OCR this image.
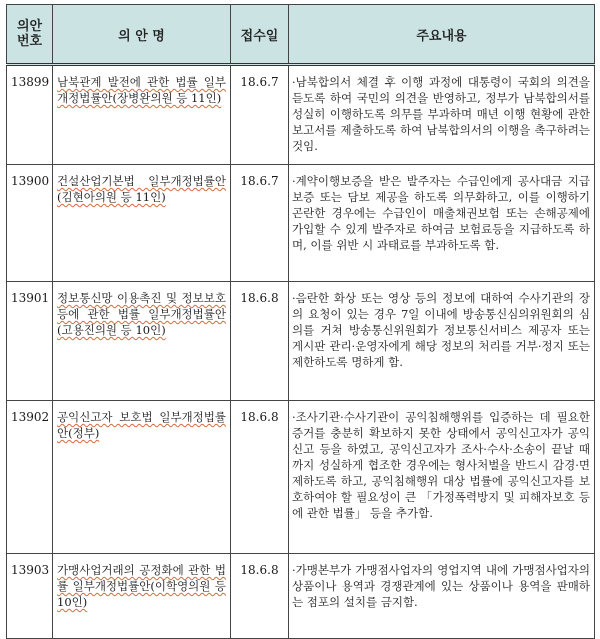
의안
번호	의 안 명	접수일	주요내용
13899	남북관계 발전에 관한 법률 일부개정법률안(장병완의원 등 11인)	18.6.7	·남북합의서 체결 후 이행 과정에 대통령이 국회의 의견을 듣도록 하여 국민의 의견을 반영하고, 정부가 남북합의서를 성실히 이행하도록 의무를 부과하며 매년 이행 현황에 관한 보고서를 제출하도록 하여 남북합의서의 이행을 촉구하려는 것임.
13900	건설산업기본법 일부개정법률안(김현아의원 등 11인)	18.6.7	·계약이행보증을 받은 발주자는 수급인에게 공사대금 지급보증 또는 담보 제공을 하도록 의무화하고, 이를 이행하기 곤란한 경우에는 수급인이 매출채권보험 또는 손해공제에 가입할 수 있게 발주자로 하여금 보험료등을 지급하도록 하며, 이를 위반 시 과태료를 부과하도록 함.
13901	정보통신망 이용촉진 및 정보보호 등에 관한 법률 일부개정법률안(고용진의원 등 10인)	18.6.8	·음란한 화상 또는 영상 등의 정보에 대하여 수사기관의 장의 요청이 있는 경우 7일 이내에 방송통신심의위원회의 심의를 거쳐 방송통신위원회가 정보통신서비스 제공자 또는 게시판 관리·운영자에게 해당 정보의 처리를 거부·정지 또는 제한하도록 명하게 함.
13902	공익신고자 보호법 일부개정법률안(정부)	18.6.8	·조사기관·수사기관이 공익침해행위를 입증하는 데 필요한 증거를 충분히 확보하지 못한 상태에서 공익신고자가 공익신고 등을 하였고, 공익신고자가 조사·수사·소송이 끝날 때까지 성실하게 협조한 경우에는 형사처벌을 반드시 감경·면제하도록 하고, 공익침해행위 대상 법률에 공익신고자를 보호하여야 할 필요성이 큰 「가정폭력방지 및 피해자보호 등에 관한 법률」 등을 추가함.
13903	가맹사업거래의 공정화에 관한 법률 일부개정법률안(이학영의원 등 10인)	18.6.8	·가맹본부가 가맹점사업자의 영업지역 내에 가맹점사업자의 상품이나 용역과 경쟁관계에 있는 상품이나 용역을 판매하는 점포의 설치를 금지함.
